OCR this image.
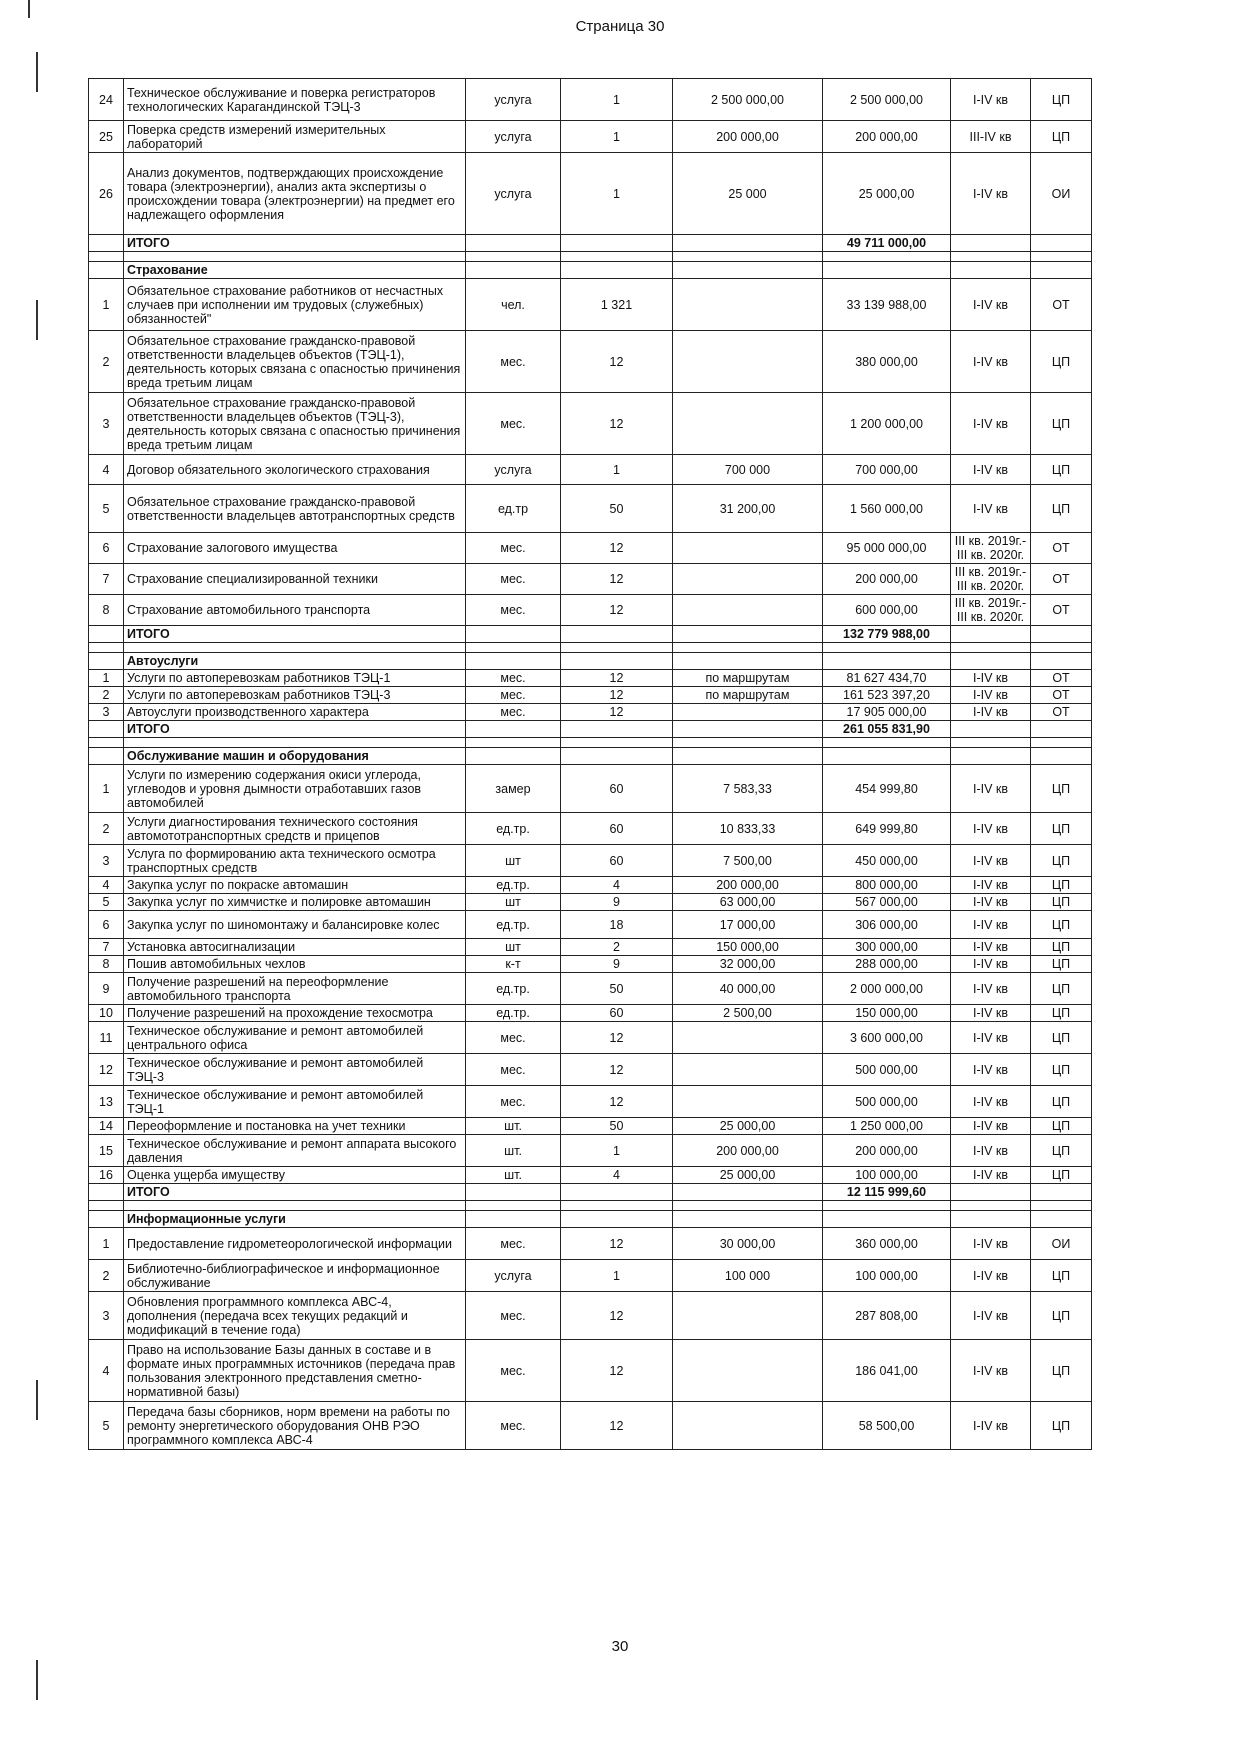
Страница 30
24	Техническое обслуживание и поверка регистраторов технологических Карагандинской ТЭЦ-3	услуга	1	2 500 000,00	2 500 000,00	I-IV кв	ЦП
25	Поверка средств измерений измерительных лабораторий	услуга	1	200 000,00	200 000,00	III-IV кв	ЦП
26	Анализ документов, подтверждающих происхождение товара (электроэнергии), анализ акта экспертизы о происхождении товара (электроэнергии) на предмет его надлежащего оформления	услуга	1	25 000	25 000,00	I-IV кв	ОИ
	ИТОГО				49 711 000,00		

	Страхование						
1	Обязательное страхование работников от несчастных случаев при исполнении им трудовых (служебных) обязанностей"	чел.	1 321		33 139 988,00	I-IV кв	ОТ
2	Обязательное страхование гражданско-правовой ответственности владельцев объектов (ТЭЦ-1), деятельность которых связана с опасностью причинения вреда третьим лицам	мес.	12		380 000,00	I-IV кв	ЦП
3	Обязательное страхование гражданско-правовой ответственности владельцев объектов (ТЭЦ-3), деятельность которых связана с опасностью причинения вреда третьим лицам	мес.	12		1 200 000,00	I-IV кв	ЦП
4	Договор обязательного экологического страхования	услуга	1	700 000	700 000,00	I-IV кв	ЦП
5	Обязательное страхование гражданско-правовой ответственности владельцев автотранспортных средств	ед.тр	50	31 200,00	1 560 000,00	I-IV кв	ЦП
6	Страхование залогового имущества	мес.	12		95 000 000,00	III кв. 2019г.- III кв. 2020г.	ОТ
7	Страхование специализированной техники	мес.	12		200 000,00	III кв. 2019г.- III кв. 2020г.	ОТ
8	Страхование автомобильного транспорта	мес.	12		600 000,00	III кв. 2019г.- III кв. 2020г.	ОТ
	ИТОГО				132 779 988,00		

	Автоуслуги						
1	Услуги по автоперевозкам работников ТЭЦ-1	мес.	12	по маршрутам	81 627 434,70	I-IV кв	ОТ
2	Услуги по автоперевозкам работников ТЭЦ-3	мес.	12	по маршрутам	161 523 397,20	I-IV кв	ОТ
3	Автоуслуги производственного характера	мес.	12		17 905 000,00	I-IV кв	ОТ
	ИТОГО				261 055 831,90		

	Обслуживание машин и оборудования						
1	Услуги по измерению содержания окиси углерода, углеводов и уровня дымности отработавших газов автомобилей	замер	60	7 583,33	454 999,80	I-IV кв	ЦП
2	Услуги диагностирования технического состояния автомототранспортных средств и прицепов	ед.тр.	60	10 833,33	649 999,80	I-IV кв	ЦП
3	Услуга по формированию акта технического осмотра транспортных средств	шт	60	7 500,00	450 000,00	I-IV кв	ЦП
4	Закупка услуг по покраске автомашин	ед.тр.	4	200 000,00	800 000,00	I-IV кв	ЦП
5	Закупка услуг по химчистке и полировке автомашин	шт	9	63 000,00	567 000,00	I-IV кв	ЦП
6	Закупка услуг по шиномонтажу и балансировке колес	ед.тр.	18	17 000,00	306 000,00	I-IV кв	ЦП
7	Установка автосигнализации	шт	2	150 000,00	300 000,00	I-IV кв	ЦП
8	Пошив автомобильных чехлов	к-т	9	32 000,00	288 000,00	I-IV кв	ЦП
9	Получение разрешений на переоформление автомобильного транспорта	ед.тр.	50	40 000,00	2 000 000,00	I-IV кв	ЦП
10	Получение разрешений на прохождение техосмотра	ед.тр.	60	2 500,00	150 000,00	I-IV кв	ЦП
11	Техническое обслуживание и ремонт автомобилей центрального офиса	мес.	12		3 600 000,00	I-IV кв	ЦП
12	Техническое обслуживание и ремонт автомобилей ТЭЦ-3	мес.	12		500 000,00	I-IV кв	ЦП
13	Техническое обслуживание и ремонт автомобилей ТЭЦ-1	мес.	12		500 000,00	I-IV кв	ЦП
14	Переоформление и постановка на учет техники	шт.	50	25 000,00	1 250 000,00	I-IV кв	ЦП
15	Техническое обслуживание и ремонт аппарата высокого давления	шт.	1	200 000,00	200 000,00	I-IV кв	ЦП
16	Оценка ущерба имуществу	шт.	4	25 000,00	100 000,00	I-IV кв	ЦП
	ИТОГО				12 115 999,60		

	Информационные услуги						
1	Предоставление гидрометеорологической информации	мес.	12	30 000,00	360 000,00	I-IV кв	ОИ
2	Библиотечно-библиографическое и информационное обслуживание	услуга	1	100 000	100 000,00	I-IV кв	ЦП
3	Обновления программного комплекса АВС-4, дополнения (передача всех текущих редакций и модификаций в течение года)	мес.	12		287 808,00	I-IV кв	ЦП
4	Право на использование Базы данных в составе и в формате иных программных источников (передача прав пользования электронного представления сметно-нормативной базы)	мес.	12		186 041,00	I-IV кв	ЦП
5	Передача базы сборников, норм времени на работы по ремонту энергетического оборудования ОНВ РЭО программного комплекса АВС-4	мес.	12		58 500,00	I-IV кв	ЦП
30
